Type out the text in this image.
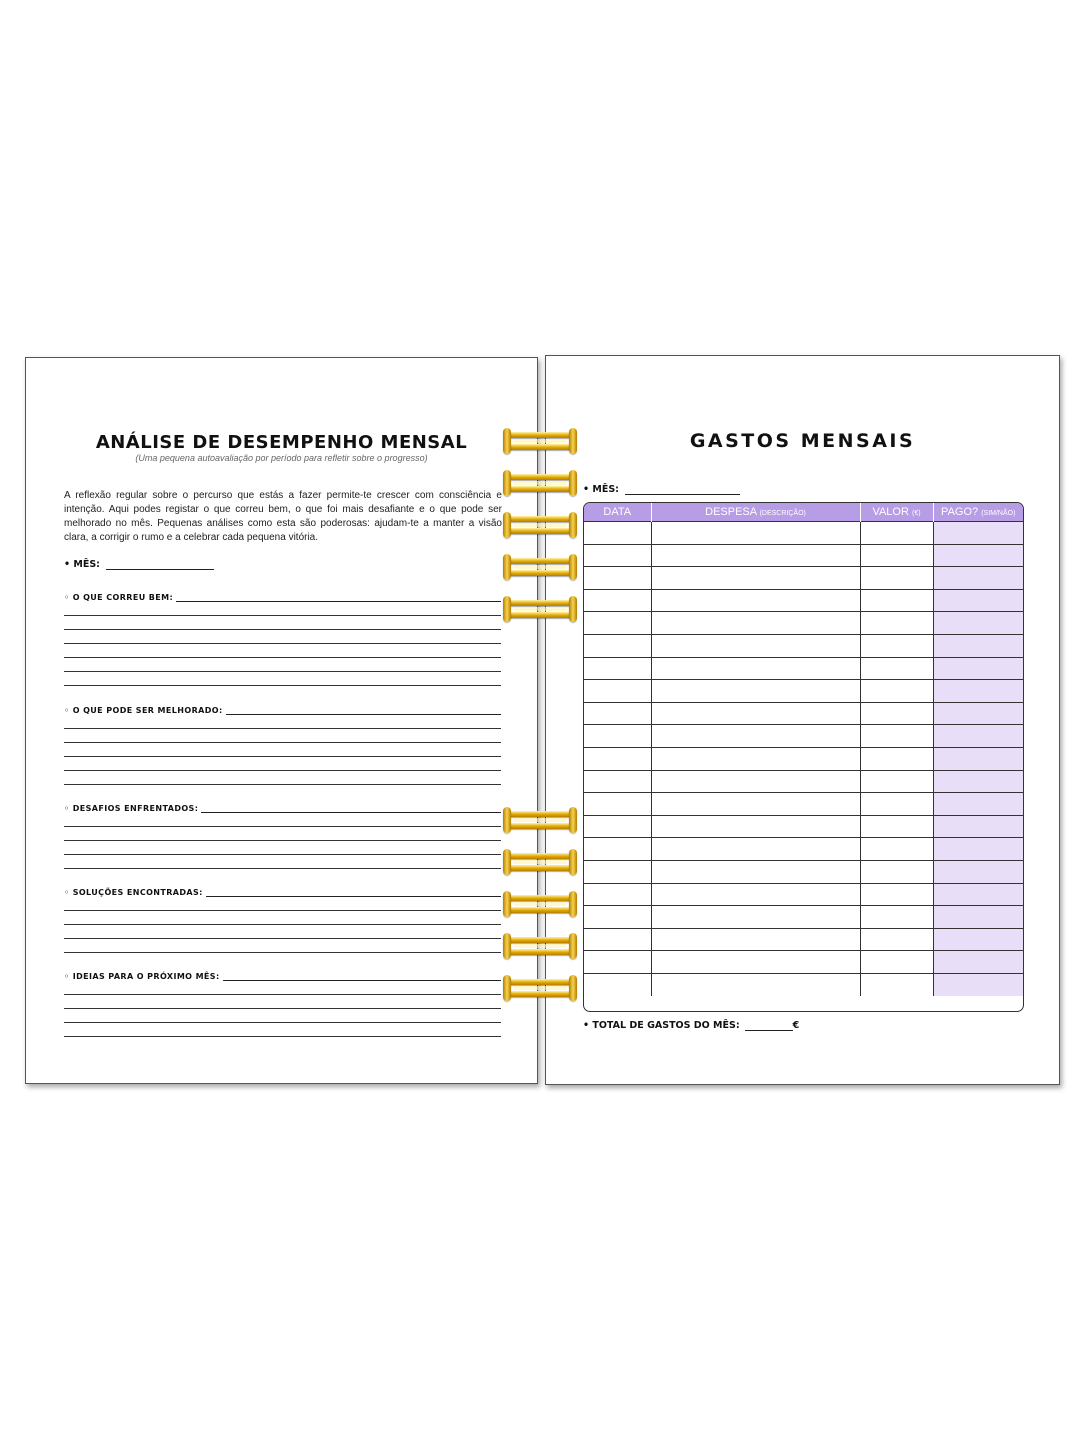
ANÁLISE DE DESEMPENHO MENSAL
(Uma pequena autoavaliação por período para refletir sobre o progresso)
A reflexão regular sobre o percurso que estás a fazer permite-te crescer com consciência e intenção. Aqui podes registar o que correu bem, o que foi mais desafiante e o que pode ser melhorado no mês. Pequenas análises como esta são poderosas: ajudam-te a manter a visão clara, a corrigir o rumo e a celebrar cada pequena vitória.
• MÊS:
◦ O QUE CORREU BEM:
◦ O QUE PODE SER MELHORADO:
◦ DESAFIOS ENFRENTADOS:
◦ SOLUÇÕES ENCONTRADAS:
◦ IDEIAS PARA O PRÓXIMO MÊS:
GASTOS MENSAIS
• MÊS:
DATA	DESPESA (DESCRIÇÃO)	VALOR (€)	PAGO? (SIM/NÃO)

• TOTAL DE GASTOS DO MÊS:	€
